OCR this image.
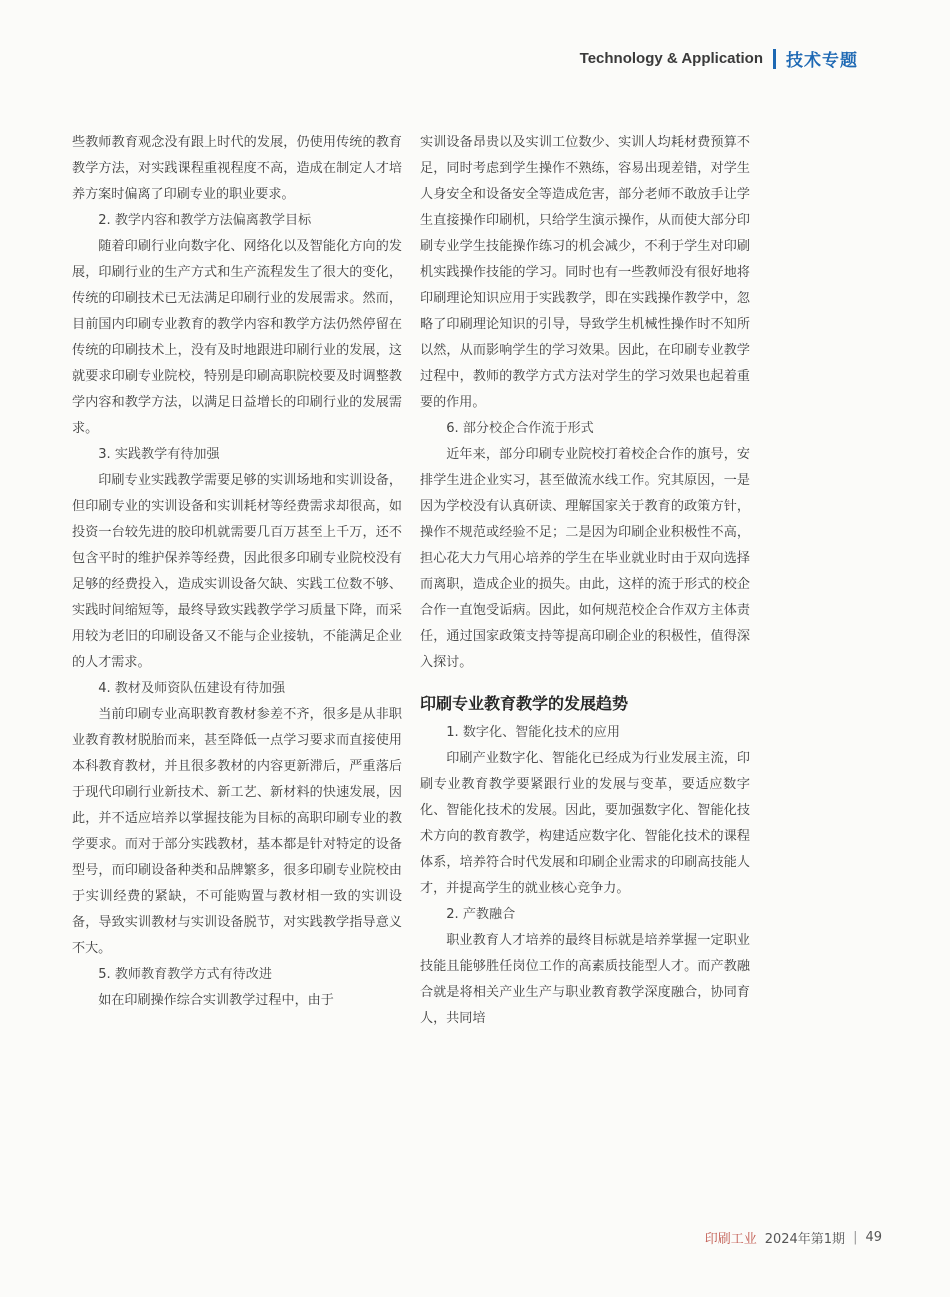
Technology & Application 技术专题

些教师教育观念没有跟上时代的发展，仍使用传统的教育教学方法，对实践课程重视程度不高，造成在制定人才培养方案时偏离了印刷专业的职业要求。

2. 教学内容和教学方法偏离教学目标

随着印刷行业向数字化、网络化以及智能化方向的发展，印刷行业的生产方式和生产流程发生了很大的变化，传统的印刷技术已无法满足印刷行业的发展需求。然而，目前国内印刷专业教育的教学内容和教学方法仍然停留在传统的印刷技术上，没有及时地跟进印刷行业的发展，这就要求印刷专业院校，特别是印刷高职院校要及时调整教学内容和教学方法，以满足日益增长的印刷行业的发展需求。

3. 实践教学有待加强

印刷专业实践教学需要足够的实训场地和实训设备，但印刷专业的实训设备和实训耗材等经费需求却很高，如投资一台较先进的胶印机就需要几百万甚至上千万，还不包含平时的维护保养等经费，因此很多印刷专业院校没有足够的经费投入，造成实训设备欠缺、实践工位数不够、实践时间缩短等，最终导致实践教学学习质量下降，而采用较为老旧的印刷设备又不能与企业接轨，不能满足企业的人才需求。

4. 教材及师资队伍建设有待加强

当前印刷专业高职教育教材参差不齐，很多是从非职业教育教材脱胎而来，甚至降低一点学习要求而直接使用本科教育教材，并且很多教材的内容更新滞后，严重落后于现代印刷行业新技术、新工艺、新材料的快速发展，因此，并不适应培养以掌握技能为目标的高职印刷专业的教学要求。而对于部分实践教材，基本都是针对特定的设备型号，而印刷设备种类和品牌繁多，很多印刷专业院校由于实训经费的紧缺，不可能购置与教材相一致的实训设备，导致实训教材与实训设备脱节，对实践教学指导意义不大。

5. 教师教育教学方式有待改进

如在印刷操作综合实训教学过程中，由于

实训设备昂贵以及实训工位数少、实训人均耗材费预算不足，同时考虑到学生操作不熟练，容易出现差错，对学生人身安全和设备安全等造成危害，部分老师不敢放手让学生直接操作印刷机，只给学生演示操作，从而使大部分印刷专业学生技能操作练习的机会减少，不利于学生对印刷机实践操作技能的学习。同时也有一些教师没有很好地将印刷理论知识应用于实践教学，即在实践操作教学中，忽略了印刷理论知识的引导，导致学生机械性操作时不知所以然，从而影响学生的学习效果。因此，在印刷专业教学过程中，教师的教学方式方法对学生的学习效果也起着重要的作用。

6. 部分校企合作流于形式

近年来，部分印刷专业院校打着校企合作的旗号，安排学生进企业实习，甚至做流水线工作。究其原因，一是因为学校没有认真研读、理解国家关于教育的政策方针，操作不规范或经验不足；二是因为印刷企业积极性不高，担心花大力气用心培养的学生在毕业就业时由于双向选择而离职，造成企业的损失。由此，这样的流于形式的校企合作一直饱受诟病。因此，如何规范校企合作双方主体责任，通过国家政策支持等提高印刷企业的积极性，值得深入探讨。

印刷专业教育教学的发展趋势

1. 数字化、智能化技术的应用

印刷产业数字化、智能化已经成为行业发展主流，印刷专业教育教学要紧跟行业的发展与变革，要适应数字化、智能化技术的发展。因此，要加强数字化、智能化技术方向的教育教学，构建适应数字化、智能化技术的课程体系，培养符合时代发展和印刷企业需求的印刷高技能人才，并提高学生的就业核心竞争力。

2. 产教融合

职业教育人才培养的最终目标就是培养掌握一定职业技能且能够胜任岗位工作的高素质技能型人才。而产教融合就是将相关产业生产与职业教育教学深度融合，协同育人，共同培

印刷工业 2024年第1期 | 49
